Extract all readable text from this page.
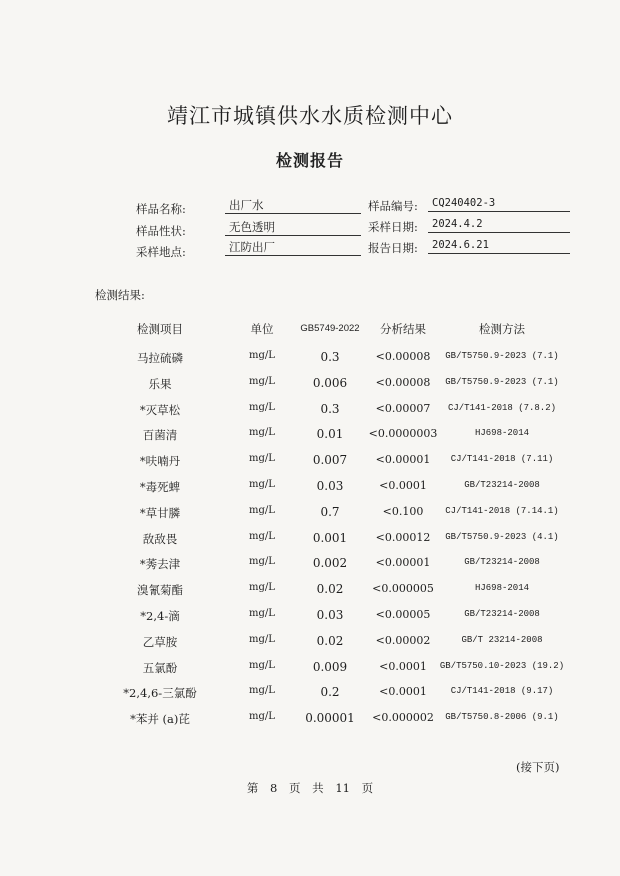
靖江市城镇供水水质检测中心
检测报告
样品名称:	出厂水	样品编号:	CQ240402-3
样品性状:	无色透明	采样日期:	2024.4.2
采样地点:	江防出厂	报告日期:	2024.6.21
检测结果:
检测项目	单位	GB5749-2022	分析结果	检测方法
马拉硫磷	mg/L	0.3	<0.00008	GB/T5750.9-2023 (7.1)
乐果	mg/L	0.006	<0.00008	GB/T5750.9-2023 (7.1)
*灭草松	mg/L	0.3	<0.00007	CJ/T141-2018 (7.8.2)
百菌清	mg/L	0.01	<0.0000003	HJ698-2014
*呋喃丹	mg/L	0.007	<0.00001	CJ/T141-2018 (7.11)
*毒死蜱	mg/L	0.03	<0.0001	GB/T23214-2008
*草甘膦	mg/L	0.7	<0.100	CJ/T141-2018 (7.14.1)
敌敌畏	mg/L	0.001	<0.00012	GB/T5750.9-2023 (4.1)
*莠去津	mg/L	0.002	<0.00001	GB/T23214-2008
溴氰菊酯	mg/L	0.02	<0.000005	HJ698-2014
*2,4-滴	mg/L	0.03	<0.00005	GB/T23214-2008
乙草胺	mg/L	0.02	<0.00002	GB/T 23214-2008
五氯酚	mg/L	0.009	<0.0001	GB/T5750.10-2023 (19.2)
*2,4,6-三氯酚	mg/L	0.2	<0.0001	CJ/T141-2018 (9.17)
*苯并 (a)芘	mg/L	0.00001	<0.000002	GB/T5750.8-2006 (9.1)
(接下页)
第 8 页 共 11 页
